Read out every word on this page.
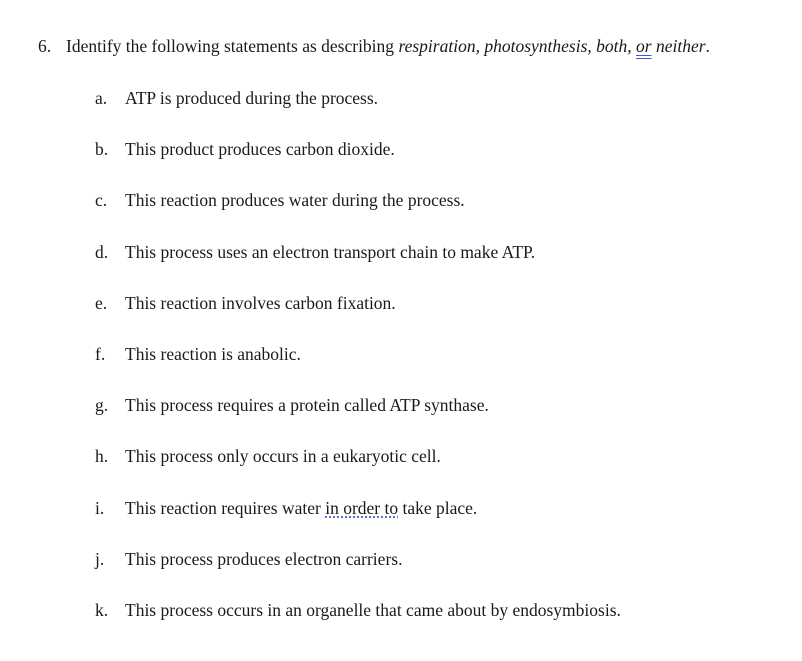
6. Identify the following statements as describing respiration, photosynthesis, both, or neither.
a. ATP is produced during the process.
b. This product produces carbon dioxide.
c. This reaction produces water during the process.
d. This process uses an electron transport chain to make ATP.
e. This reaction involves carbon fixation.
f. This reaction is anabolic.
g. This process requires a protein called ATP synthase.
h. This process only occurs in a eukaryotic cell.
i. This reaction requires water in order to take place.
j. This process produces electron carriers.
k. This process occurs in an organelle that came about by endosymbiosis.
